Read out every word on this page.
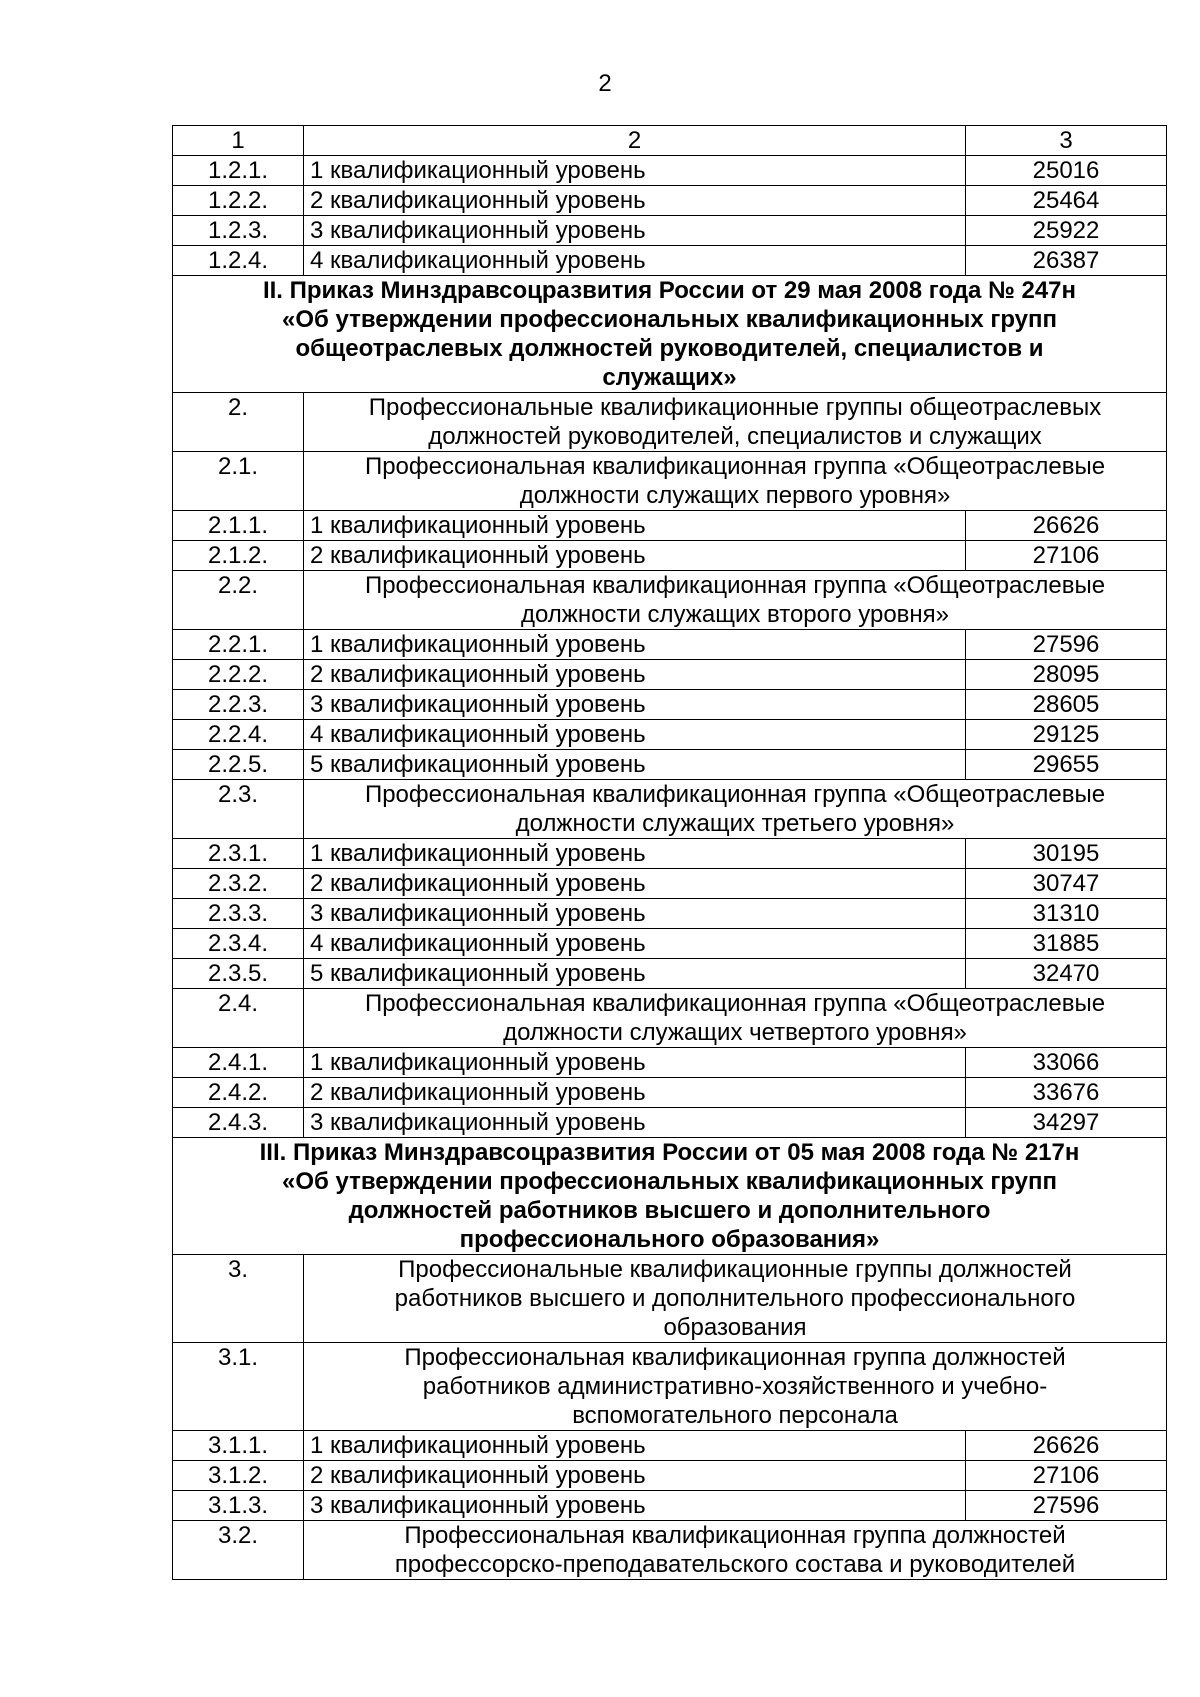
2
1	2	3
1.2.1.	1 квалификационный уровень	25016
1.2.2.	2 квалификационный уровень	25464
1.2.3.	3 квалификационный уровень	25922
1.2.4.	4 квалификационный уровень	26387

II. Приказ Минздравсоцразвития России от 29 мая 2008 года № 247н
«Об утверждении профессиональных квалификационных групп
общеотраслевых должностей руководителей, специалистов и
служащих»		

2.	Профессиональные квалификационные группы общеотраслевых
должностей руководителей, специалистов и служащих	

2.1.	Профессиональная квалификационная группа «Общеотраслевые
должности служащих первого уровня»	

2.1.1.	1 квалификационный уровень	26626
2.1.2.	2 квалификационный уровень	27106
2.2.	Профессиональная квалификационная группа «Общеотраслевые
должности служащих второго уровня»	

2.2.1.	1 квалификационный уровень	27596
2.2.2.	2 квалификационный уровень	28095
2.2.3.	3 квалификационный уровень	28605
2.2.4.	4 квалификационный уровень	29125
2.2.5.	5 квалификационный уровень	29655
2.3.	Профессиональная квалификационная группа «Общеотраслевые
должности служащих третьего уровня»	

2.3.1.	1 квалификационный уровень	30195
2.3.2.	2 квалификационный уровень	30747
2.3.3.	3 квалификационный уровень	31310
2.3.4.	4 квалификационный уровень	31885
2.3.5.	5 квалификационный уровень	32470
2.4.	Профессиональная квалификационная группа «Общеотраслевые
должности служащих четвертого уровня»	

2.4.1.	1 квалификационный уровень	33066
2.4.2.	2 квалификационный уровень	33676
2.4.3.	3 квалификационный уровень	34297

III. Приказ Минздравсоцразвития России от 05 мая 2008 года № 217н
«Об утверждении профессиональных квалификационных групп
должностей работников высшего и дополнительного
профессионального образования»		

3.	Профессиональные квалификационные группы должностей
работников высшего и дополнительного профессионального
образования	

3.1.	Профессиональная квалификационная группа должностей
работников административно-хозяйственного и учебно-
вспомогательного персонала	

3.1.1.	1 квалификационный уровень	26626
3.1.2.	2 квалификационный уровень	27106
3.1.3.	3 квалификационный уровень	27596
3.2.	Профессиональная квалификационная группа должностей
профессорско-преподавательского состава и руководителей	
